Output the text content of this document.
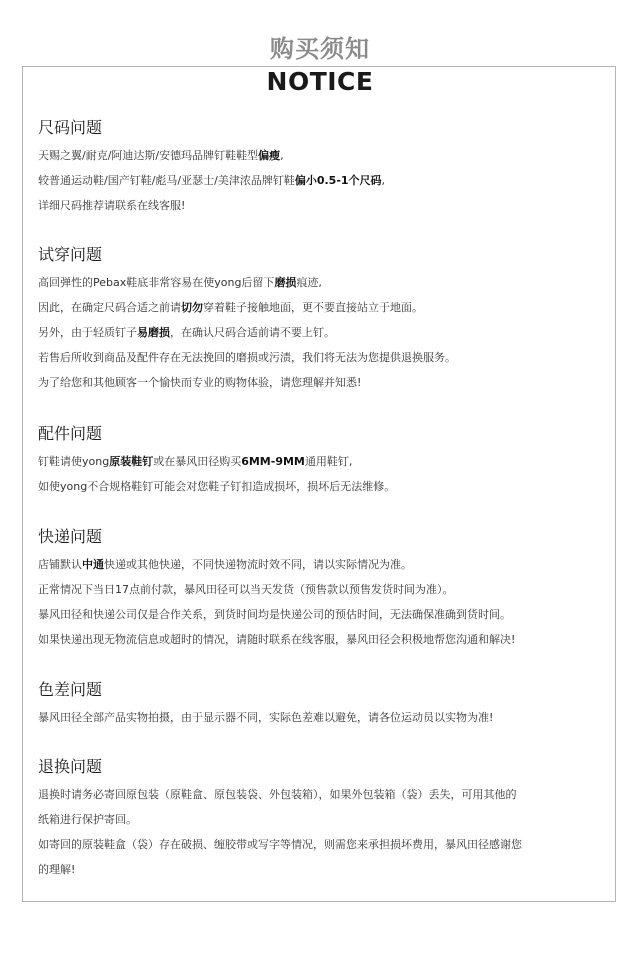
购买须知
NOTICE
尺码问题
天赐之翼/耐克/阿迪达斯/安德玛品牌钉鞋鞋型偏瘦,
较普通运动鞋/国产钉鞋/彪马/亚瑟士/美津浓品牌钉鞋偏小0.5-1个尺码,
详细尺码推荐请联系在线客服!
试穿问题
高回弹性的Pebax鞋底非常容易在使yong后留下磨损痕迹,
因此，在确定尺码合适之前请切勿穿着鞋子接触地面，更不要直接站立于地面。
另外，由于轻质钉子易磨损，在确认尺码合适前请不要上钉。
若售后所收到商品及配件存在无法挽回的磨损或污渍，我们将无法为您提供退换服务。
为了给您和其他顾客一个愉快而专业的购物体验，请您理解并知悉!
配件问题
钉鞋请使yong原装鞋钉或在暴风田径购买6MM-9MM通用鞋钉,
如使yong不合规格鞋钉可能会对您鞋子钉扣造成损坏，损坏后无法维修。
快递问题
店铺默认中通快递或其他快递，不同快递物流时效不同，请以实际情况为准。
正常情况下当日17点前付款，暴风田径可以当天发货（预售款以预售发货时间为准）。
暴风田径和快递公司仅是合作关系，到货时间均是快递公司的预估时间，无法确保准确到货时间。
如果快递出现无物流信息或超时的情况，请随时联系在线客服，暴风田径会积极地帮您沟通和解决!
色差问题
暴风田径全部产品实物拍摄，由于显示器不同，实际色差难以避免，请各位运动员以实物为准!
退换问题
退换时请务必寄回原包装（原鞋盒、原包装袋、外包装箱），如果外包装箱（袋）丢失，可用其他的
纸箱进行保护寄回。
如寄回的原装鞋盒（袋）存在破损、缠胶带或写字等情况，则需您来承担损坏费用，暴风田径感谢您
的理解!
